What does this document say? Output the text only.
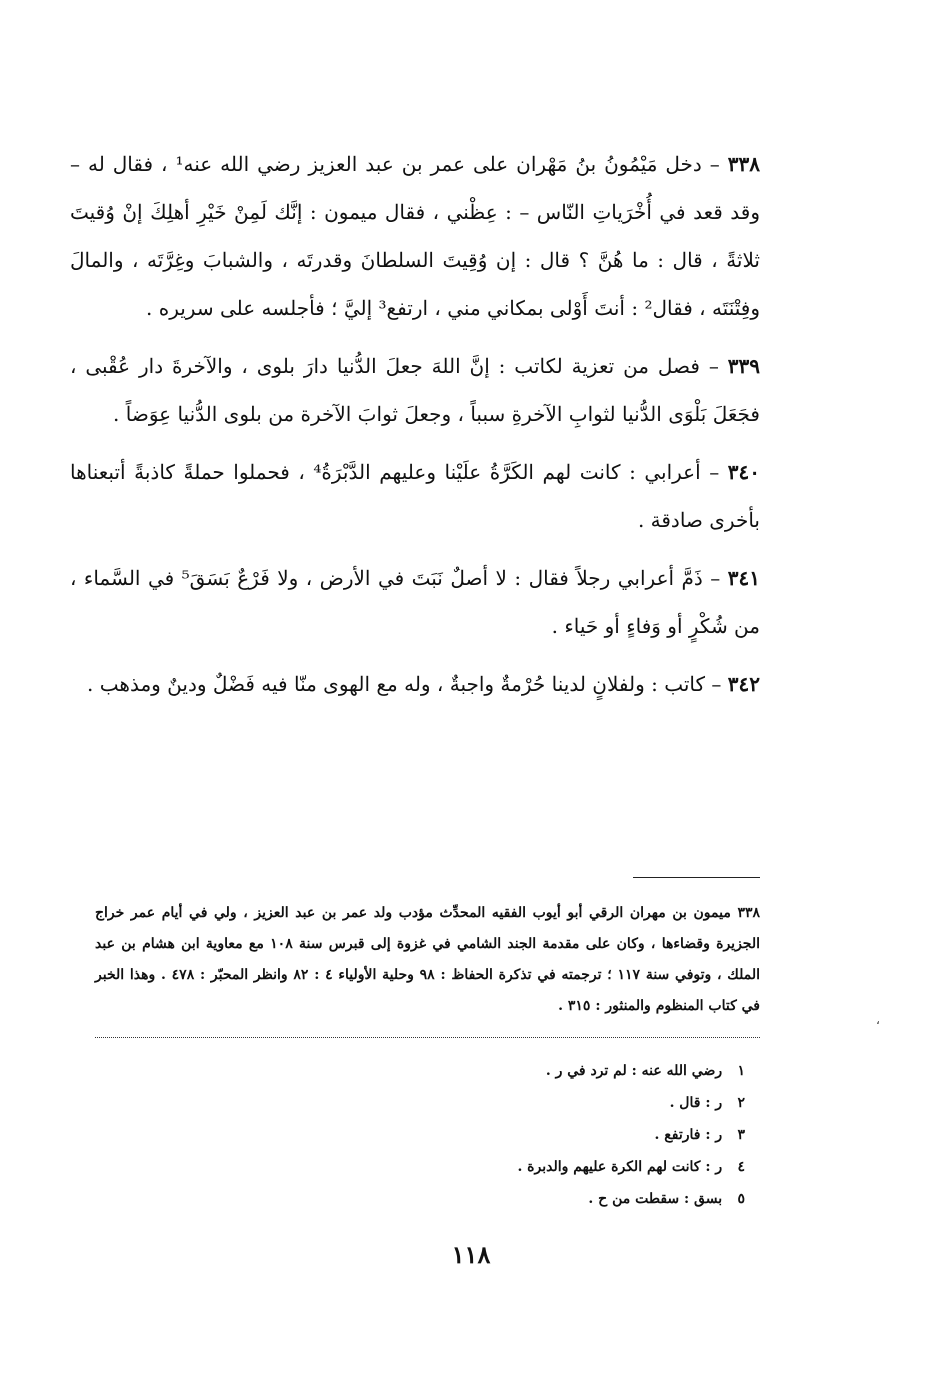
٣٣٨ – دخل مَيْمُونُ بنُ مَهْران على عمر بن عبد العزيز رضي الله عنه¹ ، فقال له – وقد قعد في أُخْرَياتِ النّاس – : عِظْني ، فقال ميمون : إنَّك لَمِنْ خَيْرِ أهلِكَ إنْ وُقيتَ ثلاثةً ، قال : ما هُنَّ ؟ قال : إن وُقِيتَ السلطانَ وقدرتَه ، والشبابَ وغِرَّتَه ، والمالَ وفِتْنَتَه ، فقال² : أنتَ أَوْلى بمكاني مني ، ارتفع³ إليَّ ؛ فأجلسه على سريره .

٣٣٩ – فصل من تعزية لكاتب : إنَّ اللهَ جعلَ الدُّنيا دارَ بلوى ، والآخرةَ دار عُقْبى ، فجَعَلَ بَلْوَى الدُّنيا لثوابِ الآخرةِ سبباً ، وجعلَ ثوابَ الآخرة من بلوى الدُّنيا عِوَضاً .

٣٤٠ – أعرابي : كانت لهم الكَرَّةُ علَيْنا وعليهم الدَّبْرَةُ⁴ ، فحملوا حملةً كاذبةً أتبعناها بأخرى صادقة .

٣٤١ – ذَمَّ أعرابي رجلاً فقال : لا أصلٌ نَبَتَ في الأرض ، ولا فَرْعٌ بَسَقَ⁵ في السَّماء ، من شُكْرٍ أو وَفاءٍ أو حَياء .

٣٤٢ – كاتب : ولفلانٍ لدينا حُرْمةٌ واجبةٌ ، وله مع الهوى منّا فيه فَضْلٌ ودينٌ ومذهب .

٣٣٨ ميمون بن مهران الرقي أبو أيوب الفقيه المحدِّث مؤدب ولد عمر بن عبد العزيز ، ولي في أيام عمر خراج الجزيرة وقضاءها ، وكان على مقدمة الجند الشامي في غزوة إلى قبرس سنة ١٠٨ مع معاوية ابن هشام بن عبد الملك ، وتوفي سنة ١١٧ ؛ ترجمته في تذكرة الحفاظ : ٩٨ وحلية الأولياء ٤ : ٨٢ وانظر المحبّر : ٤٧٨ . وهذا الخبر في كتاب المنظوم والمنثور : ٣١٥ .
١ رضي الله عنه : لم ترد في ر .
٢ ر : قال .
٣ ر : فارتفع .
٤ ر : كانت لهم الكرة عليهم والدبرة .
٥ بسق : سقطت من ح .
١١٨
،
